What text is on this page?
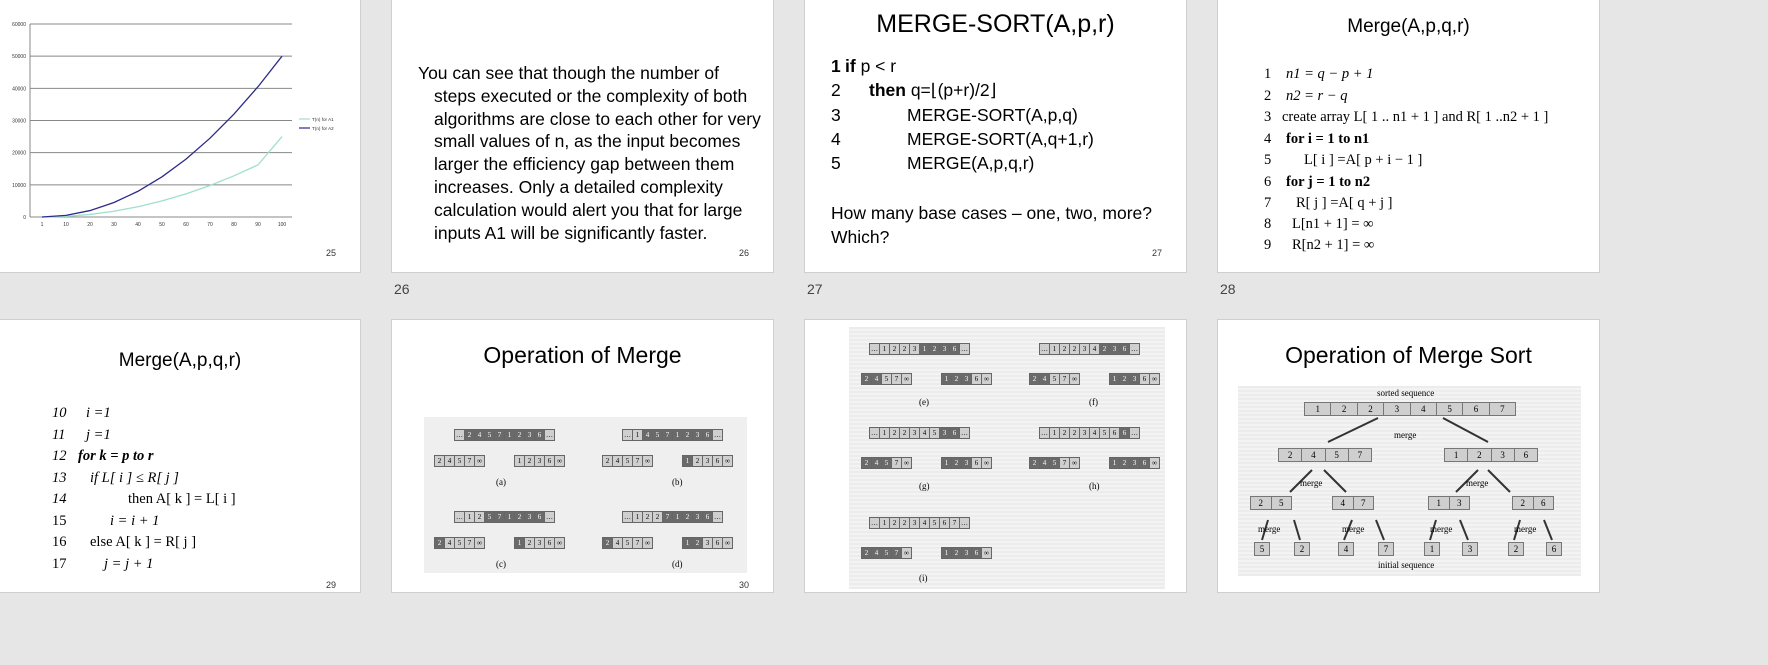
0
10000
20000
30000
40000
50000
60000
1	10	20	30	40	50	60	70	80	90	100
T(n) for A1
T(n) for A2
25
You can see that though the number of
steps executed or the complexity of both algorithms are close to each other for very small values of n, as the input becomes larger the efficiency gap between them increases. Only a detailed complexity calculation would alert you that for large inputs A1 will be significantly faster.
26
26
MERGE-SORT(A,p,r)
1 if p < r
2 then q=⌊(p+r)/2⌋
3	MERGE-SORT(A,p,q)
4	MERGE-SORT(A,q+1,r)
5	MERGE(A,p,q,r)
How many base cases – one, two, more?
Which?
27
27
Merge(A,p,q,r)
1 n1 = q − p + 1
2 n2 = r − q
3 create array L[ 1 .. n1 + 1 ] and R[ 1 ..n2 + 1 ]
4 for i = 1 to n1
5 L[ i ] =A[ p + i − 1 ]
6 for j = 1 to n2
7 R[ j ] =A[ q + j ]
8 L[n1 + 1] = ∞
9 R[n2 + 1] = ∞
28
Merge(A,p,q,r)
10 i =1
11 j =1
12 for k = p to r
13 if L[ i ] ≤ R[ j ]
14	then A[ k ] = L[ i ]
15	i = i + 1
16 else A[ k ] = R[ j ]
17	j = j + 1
29
Operation of Merge
… 2 4 5 7 1 2 3 6 …
2 4 5 7 ∞	1 2 3 6 ∞
(a)
… 1 4 5 7 1 2 3 6 …
2 4 5 7 ∞	1 2 3 6 ∞
(b)
… 1 2 5 7 1 2 3 6 …
2 4 5 7 ∞	1 2 3 6 ∞
(c)
… 1 2 2 7 1 2 3 6 …
2 4 5 7 ∞	1 2 3 6 ∞
(d)
30
… 1 2 2 3 1 2 3 6 …
2 4 5 7 ∞	1 2 3 6 ∞
(e)
… 1 2 2 3 4 2 3 6 …
2 4 5 7 ∞	1 2 3 6 ∞
(f)
… 1 2 2 3 4 5 3 6 …
2 4 5 7 ∞	1 2 3 6 ∞
(g)
… 1 2 2 3 4 5 6 6 …
2 4 5 7 ∞	1 2 3 6 ∞
(h)
… 1 2 2 3 4 5 6 7 …
2 4 5 7 ∞	1 2 3 6 ∞
(i)
Operation of Merge Sort
sorted sequence
1	2	2	3	4	5	6	7
merge
2	4	5	7	1	2	3	6
merge	merge
2	5	4	7	1	3	2	6
merge	merge	merge	merge
5	2	4	7	1	3	2	6
initial sequence
